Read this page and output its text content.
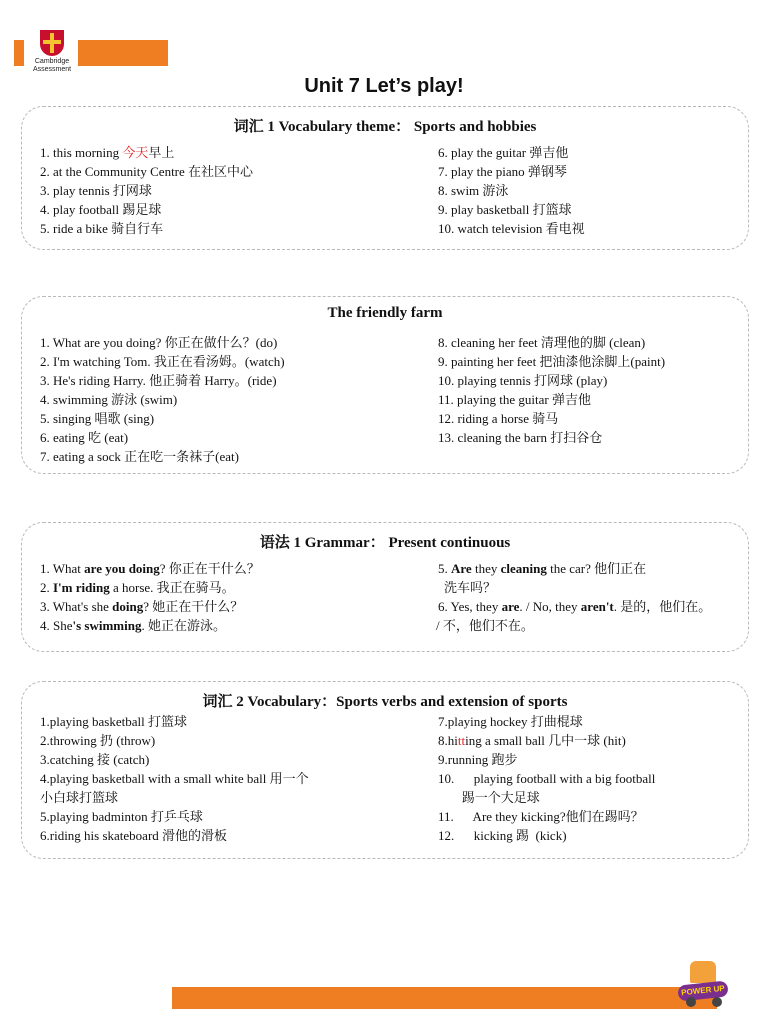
Cambridge
Assessment
Unit 7 Let’s play!
词汇 1 Vocabulary theme： Sports and hobbies
1. this morning 今天早上
2. at the Community Centre 在社区中心
3. play tennis 打网球
4. play football 踢足球
5. ride a bike 骑自行车
6. play the guitar 弹吉他
7. play the piano 弹钢琴
8. swim 游泳
9. play basketball 打篮球
10. watch television 看电视
The friendly farm
1. What are you doing? 你正在做什么？(do)
2. I'm watching Tom. 我正在看汤姆。(watch)
3. He's riding Harry. 他正骑着 Harry。(ride)
4. swimming 游泳 (swim)
5. singing 唱歌 (sing)
6. eating 吃 (eat)
7. eating a sock 正在吃一条袜子(eat)
8. cleaning her feet 清理他的脚 (clean)
9. painting her feet 把油漆他涂脚上(paint)
10. playing tennis 打网球 (play)
11. playing the guitar 弹吉他
12. riding a horse 骑马
13. cleaning the barn 打扫谷仓
语法 1 Grammar： Present continuous
1. What are you doing? 你正在干什么？
2. I'm riding a horse. 我正在骑马。
3. What's she doing? 她正在干什么？
4. She's swimming. 她正在游泳。
5. Are they cleaning the car? 他们正在
洗车吗？
6. Yes, they are. / No, they aren't. 是的，他们在。
/ 不，他们不在。
词汇 2 Vocabulary：Sports verbs and extension of sports
1.playing basketball 打篮球
2.throwing 扔 (throw)
3.catching 接 (catch)
4.playing basketball with a small white ball 用一个
小白球打篮球
5.playing badminton 打乒乓球
6.riding his skateboard 滑他的滑板
7.playing hockey 打曲棍球
8.hitting a small ball 几中一球 (hit)
9.running 跑步
10.      playing football with a big football
踢一个大足球
11.      Are they kicking?他们在踢吗？
12.      kicking 踢  (kick)
POWER UP
